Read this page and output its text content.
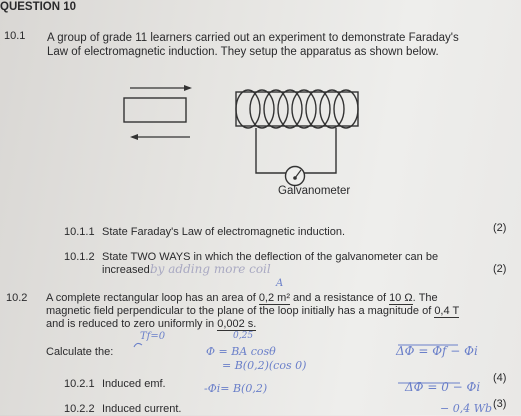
QUESTION 10
10.1 A group of grade 11 learners carried out an experiment to demonstrate Faraday's
Law of electromagnetic induction. They setup the apparatus as shown below.
Galvanometer
10.1.1 State Faraday's Law of electromagnetic induction.	(2)
10.1.2 State TWO WAYS in which the deflection of the galvanometer can be
increased.
by adding more coil	(2)
10.2
A
A complete rectangular loop has an area of 0,2 m² and a resistance of 10 Ω. The
magnetic field perpendicular to the plane of the loop initially has a magnitude of 0,4 T
and is reduced to zero uniformly in 0,002 s.
Tf=0	0,25
Calculate the:	Φ = BA cosθ
= B(0,2)(cos 0)
-Φi= B(0,2)
ΔΦ = Φf − Φi
ΔΦ = 0 − Φi
− 0,4 Wb
10.2.1 Induced emf.	(4)
10.2.2 Induced current.	(3)
